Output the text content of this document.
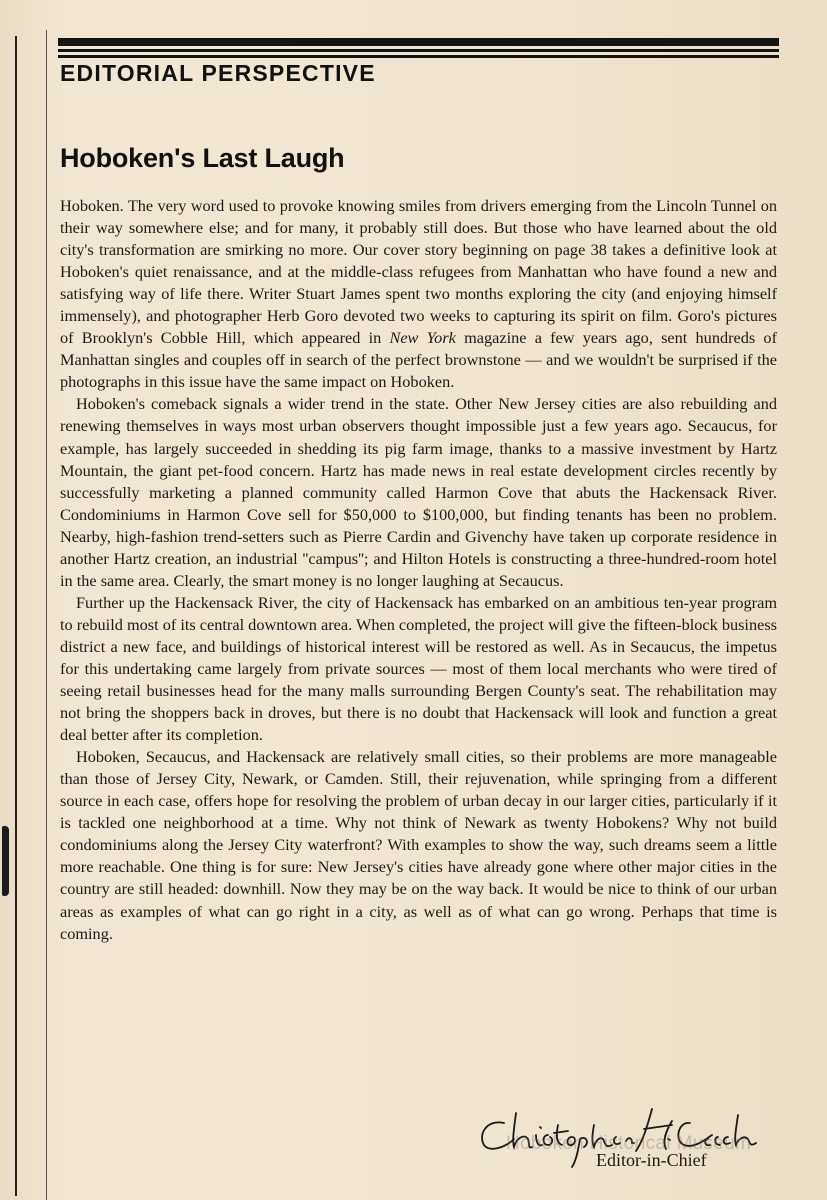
EDITORIAL PERSPECTIVE
Hoboken's Last Laugh

Hoboken. The very word used to provoke knowing smiles from drivers emerging from the Lincoln Tunnel on their way somewhere else; and for many, it probably still does. But those who have learned about the old city's transformation are smirking no more. Our cover story beginning on page 38 takes a definitive look at Hoboken's quiet renaissance, and at the middle-class refugees from Manhattan who have found a new and satisfying way of life there. Writer Stuart James spent two months exploring the city (and enjoying himself immensely), and photographer Herb Goro devoted two weeks to capturing its spirit on film. Goro's pictures of Brooklyn's Cobble Hill, which appeared in New York magazine a few years ago, sent hundreds of Manhattan singles and couples off in search of the perfect brownstone — and we wouldn't be surprised if the photographs in this issue have the same impact on Hoboken.

Hoboken's comeback signals a wider trend in the state. Other New Jersey cities are also rebuilding and renewing themselves in ways most urban observers thought impossible just a few years ago. Secaucus, for example, has largely succeeded in shedding its pig farm image, thanks to a massive investment by Hartz Mountain, the giant pet-food concern. Hartz has made news in real estate development circles recently by successfully marketing a planned community called Harmon Cove that abuts the Hackensack River. Condominiums in Harmon Cove sell for $50,000 to $100,000, but finding tenants has been no problem. Nearby, high-fashion trend-setters such as Pierre Cardin and Givenchy have taken up corporate residence in another Hartz creation, an industrial ''campus''; and Hilton Hotels is constructing a three-hundred-room hotel in the same area. Clearly, the smart money is no longer laughing at Secaucus.

Further up the Hackensack River, the city of Hackensack has embarked on an ambitious ten-year program to rebuild most of its central downtown area. When completed, the project will give the fifteen-block business district a new face, and buildings of historical interest will be restored as well. As in Secaucus, the impetus for this undertaking came largely from private sources — most of them local merchants who were tired of seeing retail businesses head for the many malls surrounding Bergen County's seat. The rehabilitation may not bring the shoppers back in droves, but there is no doubt that Hackensack will look and function a great deal better after its completion.

Hoboken, Secaucus, and Hackensack are relatively small cities, so their problems are more manageable than those of Jersey City, Newark, or Camden. Still, their rejuvenation, while springing from a different source in each case, offers hope for resolving the problem of urban decay in our larger cities, particularly if it is tackled one neighborhood at a time. Why not think of Newark as twenty Hobokens? Why not build condominiums along the Jersey City waterfront? With examples to show the way, such dreams seem a little more reachable. One thing is for sure: New Jersey's cities have already gone where other major cities in the country are still headed: downhill. Now they may be on the way back. It would be nice to think of our urban areas as examples of what can go right in a city, as well as of what can go wrong. Perhaps that time is coming.

Hoboken Historical Museum
Editor-in-Chief
